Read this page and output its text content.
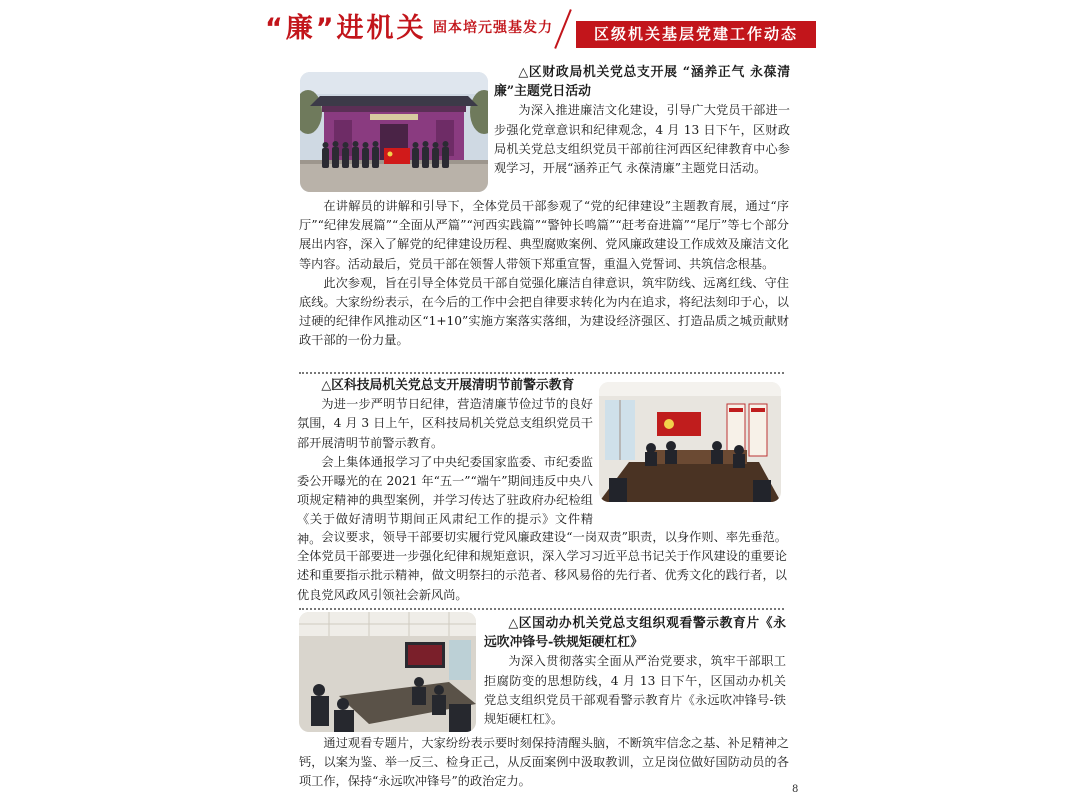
“廉”进机关 固本培元强基发力	区级机关基层党建工作动态
△区财政局机关党总支开展 “涵养正气 永葆清廉”主题党日活动

为深入推进廉洁文化建设，引导广大党员干部进一步强化党章意识和纪律观念，4 月 13 日下午，区财政局机关党总支组织党员干部前往河西区纪律教育中心参观学习，开展“涵养正气 永葆清廉”主题党日活动。

在讲解员的讲解和引导下，全体党员干部参观了“党的纪律建设”主题教育展，通过“序厅”“纪律发展篇”“全面从严篇”“河西实践篇”“警钟长鸣篇”“赶考奋进篇”“尾厅”等七个部分展出内容，深入了解党的纪律建设历程、典型腐败案例、党风廉政建设工作成效及廉洁文化等内容。活动最后，党员干部在领誓人带领下郑重宣誓，重温入党誓词、共筑信念根基。

此次参观，旨在引导全体党员干部自觉强化廉洁自律意识，筑牢防线、远离红线、守住底线。大家纷纷表示，在今后的工作中会把自律要求转化为内在追求，将纪法刻印于心，以过硬的纪律作风推动区“1+10”实施方案落实落细，为建设经济强区、打造品质之城贡献财政干部的一份力量。

△区科技局机关党总支开展清明节前警示教育

为进一步严明节日纪律，营造清廉节俭过节的良好氛围，4 月 3 日上午，区科技局机关党总支组织党员干部开展清明节前警示教育。

会上集体通报学习了中央纪委国家监委、市纪委监委公开曝光的在 2021 年“五一”“端午”期间违反中央八项规定精神的典型案例，并学习传达了驻政府办纪检组《关于做好清明节期间正风肃纪工作的提示》文件精神。 会议要求，领导干部要切实履行党风廉政建设“一岗双责”职责，以身作则、率先垂范。全体党员干部要进一步强化纪律和规矩意识，深入学习习近平总书记关于作风建设的重要论述和重要指示批示精神，做文明祭扫的示范者、移风易俗的先行者、优秀文化的践行者，以优良党风政风引领社会新风尚。

△区国动办机关党总支组织观看警示教育片《永远吹冲锋号-铁规矩硬杠杠》

为深入贯彻落实全面从严治党要求，筑牢干部职工拒腐防变的思想防线，4 月 13 日下午，区国动办机关党总支组织党员干部观看警示教育片《永远吹冲锋号-铁规矩硬杠杠》。

通过观看专题片，大家纷纷表示要时刻保持清醒头脑，不断筑牢信念之基、补足精神之钙，以案为鉴、举一反三、检身正己，从反面案例中汲取教训，立足岗位做好国防动员的各项工作，保持“永远吹冲锋号”的政治定力。

8
